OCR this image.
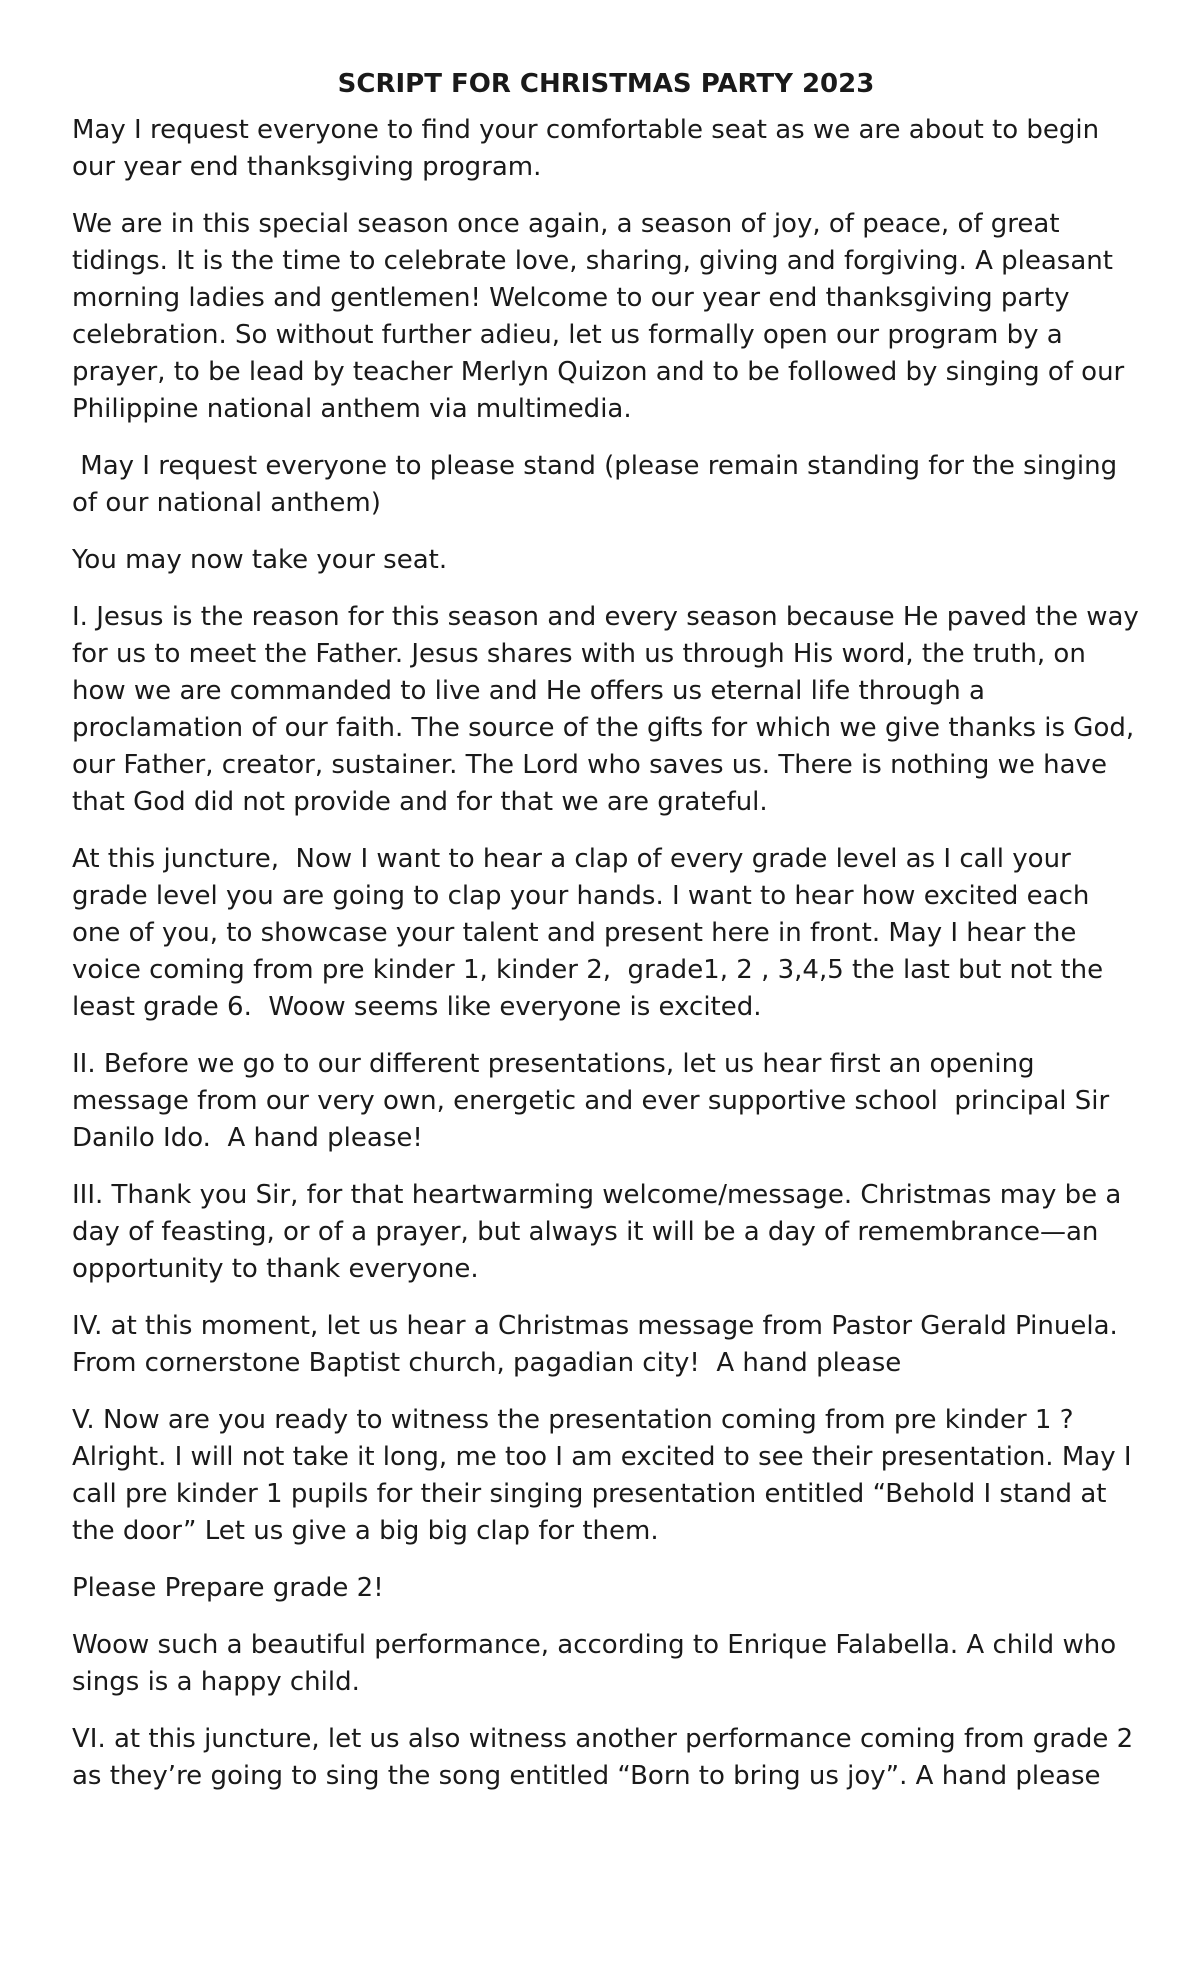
SCRIPT FOR CHRISTMAS PARTY 2023

May I request everyone to find your comfortable seat as we are about to begin our year end thanksgiving program.

We are in this special season once again, a season of joy, of peace, of great tidings. It is the time to celebrate love, sharing, giving and forgiving. A pleasant morning ladies and gentlemen! Welcome to our year end thanksgiving party celebration. So without further adieu, let us formally open our program by a prayer, to be lead by teacher Merlyn Quizon and to be followed by singing of our Philippine national anthem via multimedia.

May I request everyone to please stand (please remain standing for the singing of our national anthem)

You may now take your seat.

I. Jesus is the reason for this season and every season because He paved the way for us to meet the Father. Jesus shares with us through His word, the truth, on how we are commanded to live and He offers us eternal life through a proclamation of our faith. The source of the gifts for which we give thanks is God, our Father, creator, sustainer. The Lord who saves us. There is nothing we have that God did not provide and for that we are grateful.

At this juncture,  Now I want to hear a clap of every grade level as I call your grade level you are going to clap your hands. I want to hear how excited each one of you, to showcase your talent and present here in front. May I hear the voice coming from pre kinder 1, kinder 2,  grade1, 2 , 3,4,5 the last but not the least grade 6.  Woow seems like everyone is excited.

II. Before we go to our different presentations, let us hear first an opening message from our very own, energetic and ever supportive school  principal Sir Danilo Ido.  A hand please!

III. Thank you Sir, for that heartwarming welcome/message. Christmas may be a day of feasting, or of a prayer, but always it will be a day of remembrance—an opportunity to thank everyone.

IV. at this moment, let us hear a Christmas message from Pastor Gerald Pinuela. From cornerstone Baptist church, pagadian city!  A hand please

V. Now are you ready to witness the presentation coming from pre kinder 1 ? Alright. I will not take it long, me too I am excited to see their presentation. May I call pre kinder 1 pupils for their singing presentation entitled “Behold I stand at the door” Let us give a big big clap for them.

Please Prepare grade 2!

Woow such a beautiful performance, according to Enrique Falabella. A child who sings is a happy child.

VI. at this juncture, let us also witness another performance coming from grade 2 as they’re going to sing the song entitled “Born to bring us joy”. A hand please
